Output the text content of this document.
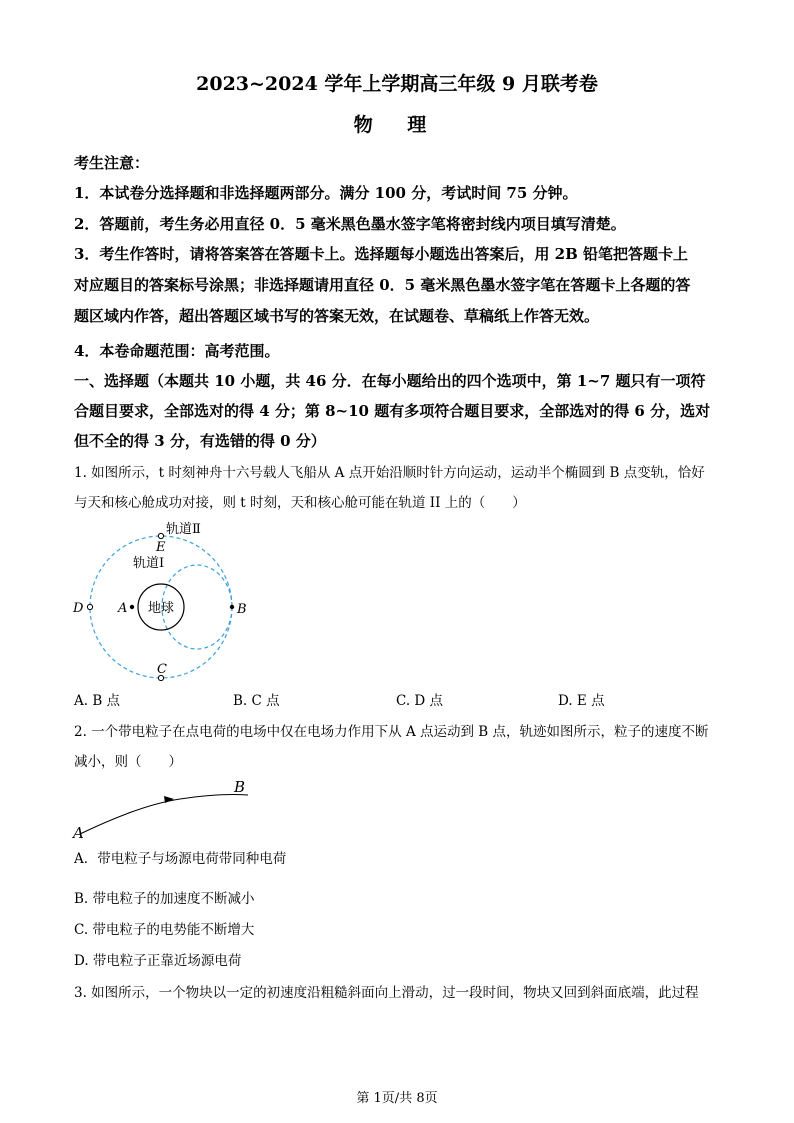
2023~2024 学年上学期高三年级 9 月联考卷
物 理
考生注意：
1．本试卷分选择题和非选择题两部分。满分 100 分，考试时间 75 分钟。
2．答题前，考生务必用直径 0．5 毫米黑色墨水签字笔将密封线内项目填写清楚。
3．考生作答时，请将答案答在答题卡上。选择题每小题选出答案后，用 2B 铅笔把答题卡上
对应题目的答案标号涂黑；非选择题请用直径 0．5 毫米黑色墨水签字笔在答题卡上各题的答
题区域内作答，超出答题区域书写的答案无效，在试题卷、草稿纸上作答无效。
4．本卷命题范围：高考范围。
一、选择题（本题共 10 小题，共 46 分．在每小题给出的四个选项中，第 1~7 题只有一项符
合题目要求，全部选对的得 4 分；第 8~10 题有多项符合题目要求，全部选对的得 6 分，选对
但不全的得 3 分，有选错的得 0 分）
1. 如图所示，t 时刻神舟十六号载人飞船从 A 点开始沿顺时针方向运动，运动半个椭圆到 B 点变轨，恰好
与天和核心舱成功对接，则 t 时刻，天和核心舱可能在轨道 II 上的（　　）
地球
轨道Ⅱ
轨道Ⅰ
D	A	B
E
C
A. B 点	B. C 点	C. D 点	D. E 点
2. 一个带电粒子在点电荷的电场中仅在电场力作用下从 A 点运动到 B 点，轨迹如图所示，粒子的速度不断
减小，则（　　）
A
B
A．带电粒子与场源电荷带同种电荷
B. 带电粒子的加速度不断减小
C. 带电粒子的电势能不断增大
D. 带电粒子正靠近场源电荷
3. 如图所示，一个物块以一定的初速度沿粗糙斜面向上滑动，过一段时间，物块又回到斜面底端，此过程
第 1页/共 8页
